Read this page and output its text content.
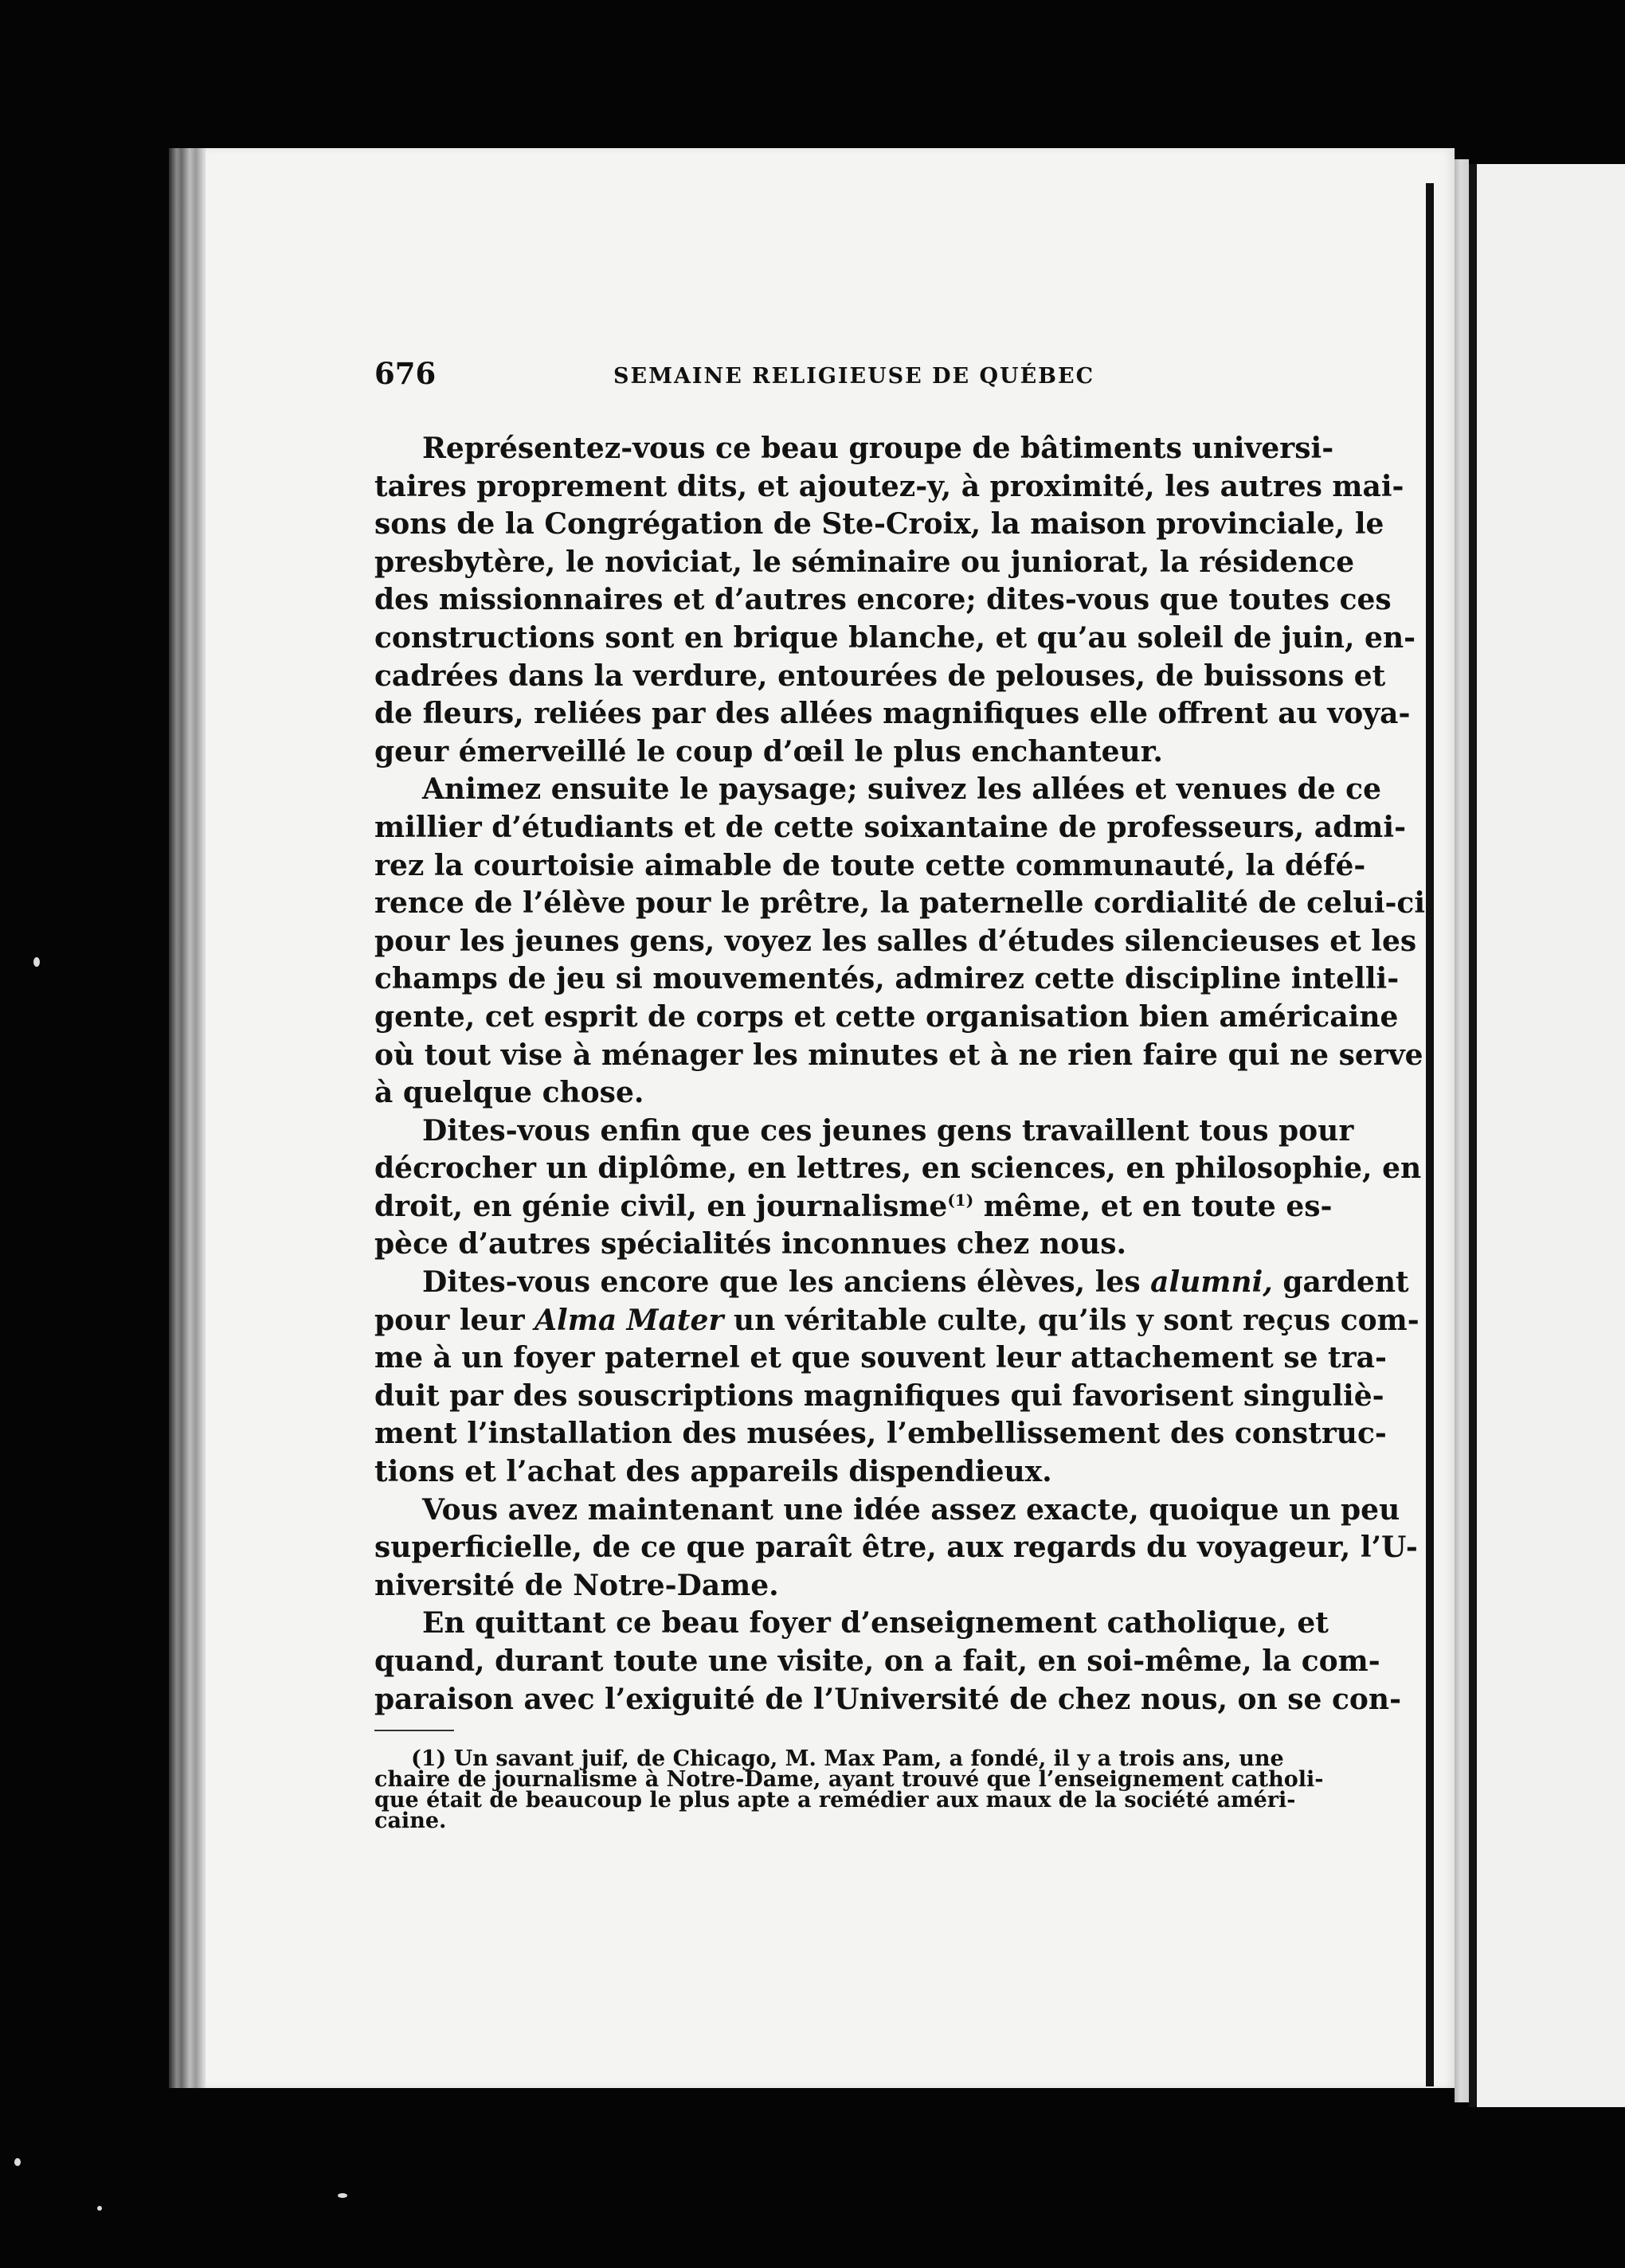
676	SEMAINE RELIGIEUSE DE QUÉBEC
Représentez-vous ce beau groupe de bâtiments universi-
taires proprement dits, et ajoutez-y, à proximité, les autres mai-
sons de la Congrégation de Ste-Croix, la maison provinciale, le
presbytère, le noviciat, le séminaire ou juniorat, la résidence
des missionnaires et d’autres encore; dites-vous que toutes ces
constructions sont en brique blanche, et qu’au soleil de juin, en-
cadrées dans la verdure, entourées de pelouses, de buissons et
de fleurs, reliées par des allées magnifiques elle offrent au voya-
geur émerveillé le coup d’œil le plus enchanteur.
Animez ensuite le paysage; suivez les allées et venues de ce
millier d’étudiants et de cette soixantaine de professeurs, admi-
rez la courtoisie aimable de toute cette communauté, la défé-
rence de l’élève pour le prêtre, la paternelle cordialité de celui-ci
pour les jeunes gens, voyez les salles d’études silencieuses et les
champs de jeu si mouvementés, admirez cette discipline intelli-
gente, cet esprit de corps et cette organisation bien américaine
où tout vise à ménager les minutes et à ne rien faire qui ne serve
à quelque chose.
Dites-vous enfin que ces jeunes gens travaillent tous pour
décrocher un diplôme, en lettres, en sciences, en philosophie, en
droit, en génie civil, en journalisme$^{(1)}$ même, et en toute es-
pèce d’autres spécialités inconnues chez nous.
Dites-vous encore que les anciens élèves, les alumni, gardent
pour leur Alma Mater un véritable culte, qu’ils y sont reçus com-
me à un foyer paternel et que souvent leur attachement se tra-
duit par des souscriptions magnifiques qui favorisent singuliè-
ment l’installation des musées, l’embellissement des construc-
tions et l’achat des appareils dispendieux.
Vous avez maintenant une idée assez exacte, quoique un peu
superficielle, de ce que paraît être, aux regards du voyageur, l’U-
niversité de Notre-Dame.
En quittant ce beau foyer d’enseignement catholique, et
quand, durant toute une visite, on a fait, en soi-même, la com-
paraison avec l’exiguité de l’Université de chez nous, on se con-
(1) Un savant juif, de Chicago, M. Max Pam, a fondé, il y a trois ans, une
chaire de journalisme à Notre-Dame, ayant trouvé que l’enseignement catholi-
que était de beaucoup le plus apte a remédier aux maux de la société améri-
caine.
